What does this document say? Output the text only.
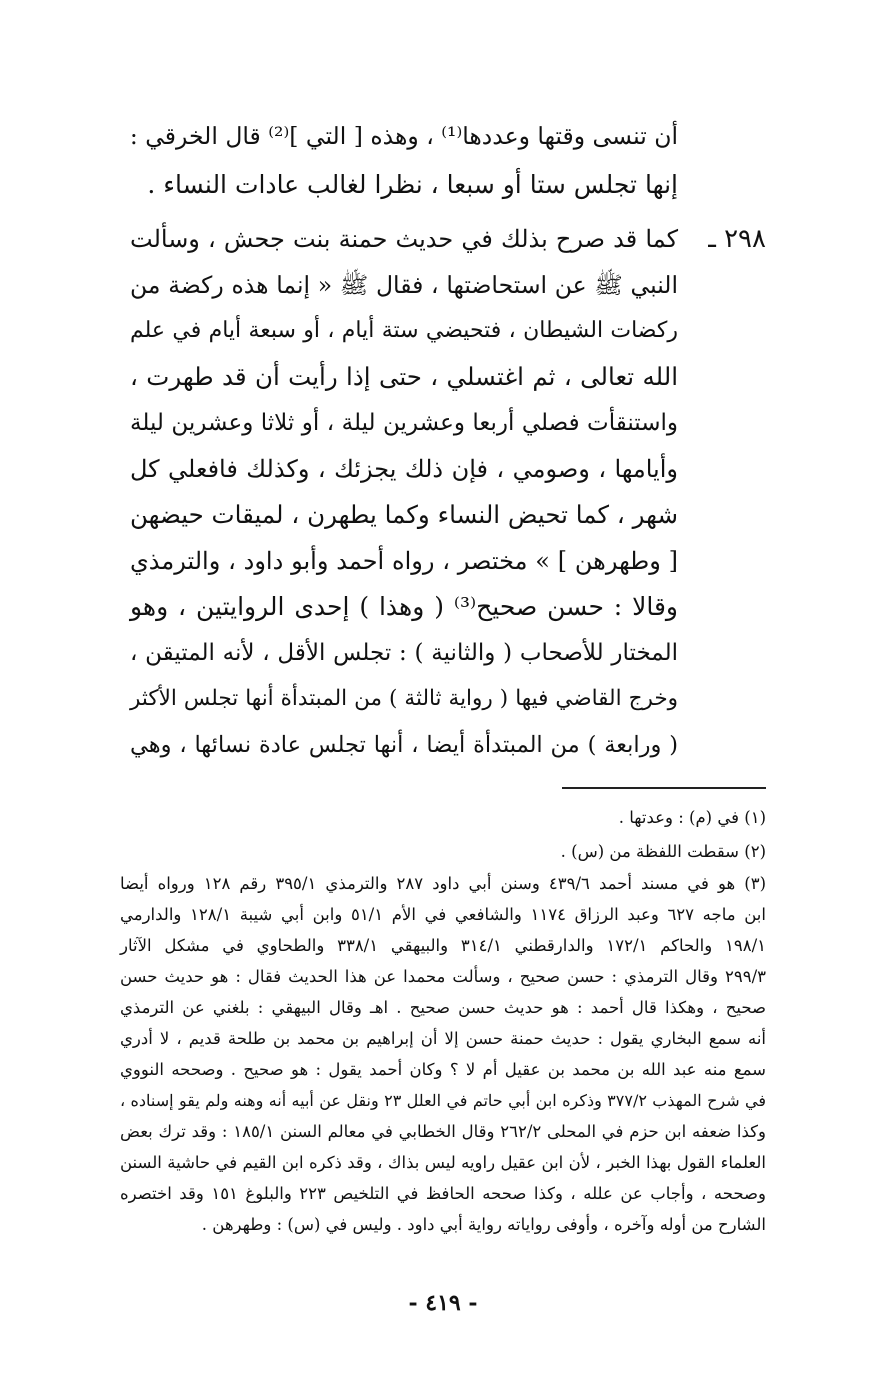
أن تنسى وقتها وعددها⁽¹⁾ ، وهذه [ التي ]⁽²⁾ قال الخرقي :
إنها تجلس ستا أو سبعا ، نظرا لغالب عادات النساء .
٢٩٨ ـ
كما قد صرح بذلك في حديث حمنة بنت جحش ، وسألت
النبي ﷺ عن استحاضتها ، فقال ﷺ « إنما هذه ركضة من
ركضات الشيطان ، فتحيضي ستة أيام ، أو سبعة أيام في علم
الله تعالى ، ثم اغتسلي ، حتى إذا رأيت أن قد طهرت ،
واستنقأت فصلي أربعا وعشرين ليلة ، أو ثلاثا وعشرين ليلة
وأيامها ، وصومي ، فإن ذلك يجزئك ، وكذلك فافعلي كل
شهر ، كما تحيض النساء وكما يطهرن ، لميقات حيضهن
[ وطهرهن ] » مختصر ، رواه أحمد وأبو داود ، والترمذي
وقالا : حسن صحيح⁽³⁾ ( وهذا ) إحدى الروايتين ، وهو
المختار للأصحاب ( والثانية ) : تجلس الأقل ، لأنه المتيقن ،
وخرج القاضي فيها ( رواية ثالثة ) من المبتدأة أنها تجلس الأكثر
( ورابعة ) من المبتدأة أيضا ، أنها تجلس عادة نسائها ، وهي
(١) في (م) : وعدتها .
(٢) سقطت اللفظة من (س) .
(٣) هو في مسند أحمد ٤٣٩/٦ وسنن أبي داود ٢٨٧ والترمذي ٣٩٥/١ رقم ١٢٨ ورواه أيضا
ابن ماجه ٦٢٧ وعبد الرزاق ١١٧٤ والشافعي في الأم ٥١/١ وابن أبي شيبة ١٢٨/١ والدارمي
١٩٨/١ والحاكم ١٧٢/١ والدارقطني ٣١٤/١ والبيهقي ٣٣٨/١ والطحاوي في مشكل الآثار
٢٩٩/٣ وقال الترمذي : حسن صحيح ، وسألت محمدا عن هذا الحديث فقال : هو حديث حسن
صحيح ، وهكذا قال أحمد : هو حديث حسن صحيح . اهـ وقال البيهقي : بلغني عن الترمذي
أنه سمع البخاري يقول : حديث حمنة حسن إلا أن إبراهيم بن محمد بن طلحة قديم ، لا أدري
سمع منه عبد الله بن محمد بن عقيل أم لا ؟ وكان أحمد يقول : هو صحيح . وصححه النووي
في شرح المهذب ٣٧٧/٢ وذكره ابن أبي حاتم في العلل ٢٣ ونقل عن أبيه أنه وهنه ولم يقو إسناده ،
وكذا ضعفه ابن حزم في المحلى ٢٦٢/٢ وقال الخطابي في معالم السنن ١٨٥/١ : وقد ترك بعض
العلماء القول بهذا الخبر ، لأن ابن عقيل راويه ليس بذاك ، وقد ذكره ابن القيم في حاشية السنن
وصححه ، وأجاب عن علله ، وكذا صححه الحافظ في التلخيص ٢٢٣ والبلوغ ١٥١ وقد اختصره
الشارح من أوله وآخره ، وأوفى رواياته رواية أبي داود . وليس في (س) : وطهرهن .
- ٤١٩ -
